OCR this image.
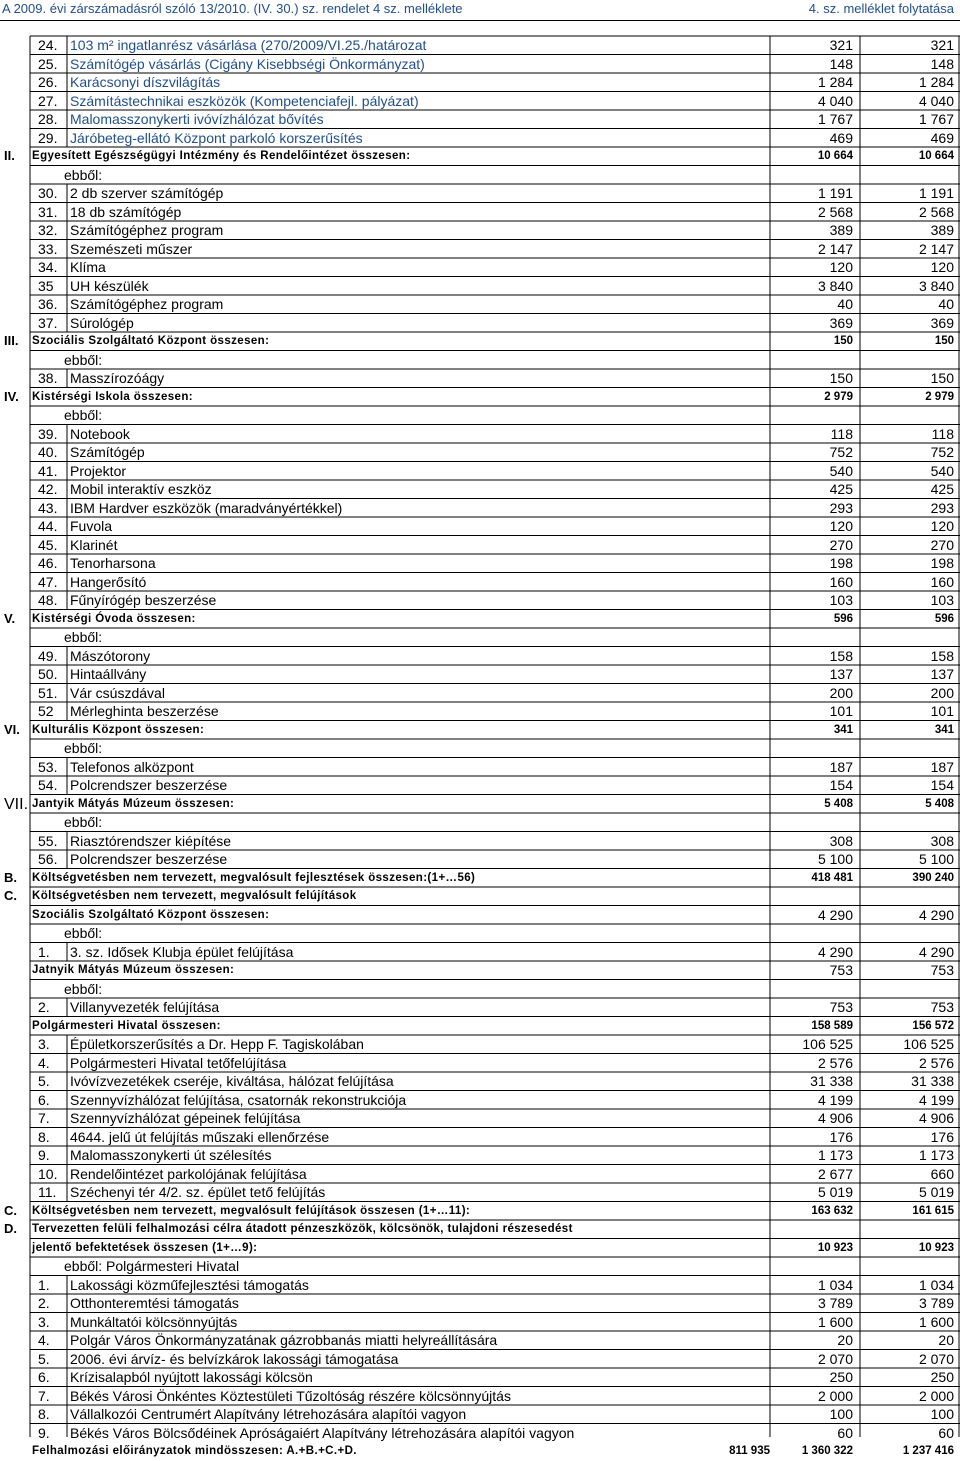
A 2009. évi zárszámadásról szóló 13/2010. (IV. 30.) sz. rendelet 4 sz. melléklete	4. sz. melléklet folytatása
24. 103 m² ingatlanrész vásárlása (270/2009/VI.25./határozat	321	321
25. Számítógép vásárlás (Cigány Kisebbségi Önkormányzat)	148	148
26. Karácsonyi díszvilágítás	1 284	1 284
27. Számítástechnikai eszközök (Kompetenciafejl. pályázat)	4 040	4 040
28. Malomasszonykerti ivóvízhálózat bővítés	1 767	1 767
29. Járóbeteg-ellátó Központ parkoló korszerűsítés	469	469
II. Egyesített Egészségügyi Intézmény és Rendelőintézet összesen:	10 664	10 664
ebből:
30. 2 db szerver számítógép	1 191	1 191
31. 18 db számítógép	2 568	2 568
32. Számítógéphez program	389	389
33. Szemészeti műszer	2 147	2 147
34. Klíma	120	120
35 UH készülék	3 840	3 840
36. Számítógéphez program	40	40
37. Súrológép	369	369
III. Szociális Szolgáltató Központ összesen:	150	150
ebből:
38. Masszírozóágy	150	150
IV. Kistérségi Iskola összesen:	2 979	2 979
ebből:
39. Notebook	118	118
40. Számítógép	752	752
41. Projektor	540	540
42. Mobil interaktív eszköz	425	425
43. IBM Hardver eszközök (maradványértékkel)	293	293
44. Fuvola	120	120
45. Klarinét	270	270
46. Tenorharsona	198	198
47. Hangerősító	160	160
48. Fűnyírógép beszerzése	103	103
V. Kistérségi Óvoda összesen:	596	596
ebből:
49. Mászótorony	158	158
50. Hintaállvány	137	137
51. Vár csúszdával	200	200
52 Mérleghinta beszerzése	101	101
VI. Kulturális Központ összesen:	341	341
ebből:
53. Telefonos alközpont	187	187
54. Polcrendszer beszerzése	154	154
VII. Jantyik Mátyás Múzeum összesen:	5 408	5 408
ebből:
55. Riasztórendszer kiépítése	308	308
56. Polcrendszer beszerzése	5 100	5 100
B. Költségvetésben nem tervezett, megvalósult fejlesztések összesen:(1+…56)	418 481	390 240
C. Költségvetésben nem tervezett, megvalósult felújítások
Szociális Szolgáltató Központ összesen:	4 290	4 290
ebből:
1. 3. sz. Idősek Klubja épület felújítása	4 290	4 290
Jatnyik Mátyás Múzeum összesen:	753	753
ebből:
2. Villanyvezeték felújítása	753	753
Polgármesteri Hivatal összesen:	158 589	156 572
3. Épületkorszerűsítés a Dr. Hepp F. Tagiskolában	106 525	106 525
4. Polgármesteri Hivatal tetőfelújítása	2 576	2 576
5. Ivóvízvezetékek cseréje, kiváltása, hálózat felújítása	31 338	31 338
6. Szennyvízhálózat felújítása, csatornák rekonstrukciója	4 199	4 199
7. Szennyvízhálózat gépeinek felújítása	4 906	4 906
8. 4644. jelű út felújítás műszaki ellenőrzése	176	176
9. Malomasszonykerti út szélesítés	1 173	1 173
10. Rendelőintézet parkolójának felújítása	2 677	660
11. Széchenyi tér 4/2. sz. épület tető felújítás	5 019	5 019
C. Költségvetésben nem tervezett, megvalósult felújítások összesen (1+…11):	163 632	161 615
D. Tervezetten felüli felhalmozási célra átadott pénzeszközök, kölcsönök, tulajdoni részesedést
jelentő befektetések összesen (1+…9):	10 923	10 923
ebből: Polgármesteri Hivatal
1. Lakossági közműfejlesztési támogatás	1 034	1 034
2. Otthonteremtési támogatás	3 789	3 789
3. Munkáltatói kölcsönnyújtás	1 600	1 600
4. Polgár Város Önkormányzatának gázrobbanás miatti helyreállítására	20	20
5. 2006. évi árvíz- és belvízkárok lakossági támogatása	2 070	2 070
6. Krízisalapból nyújtott lakossági kölcsön	250	250
7. Békés Városi Önkéntes Köztestületi Tűzoltóság részére kölcsönnyújtás	2 000	2 000
8. Vállalkozói Centrumért Alapítvány létrehozására alapítói vagyon	100	100
9. Békés Város Bölcsődéinek Apróságaiért Alapítvány létrehozására alapítói vagyon	60	60
Felhalmozási előirányzatok mindösszesen: A.+B.+C.+D.	811 935	1 360 322	1 237 416
